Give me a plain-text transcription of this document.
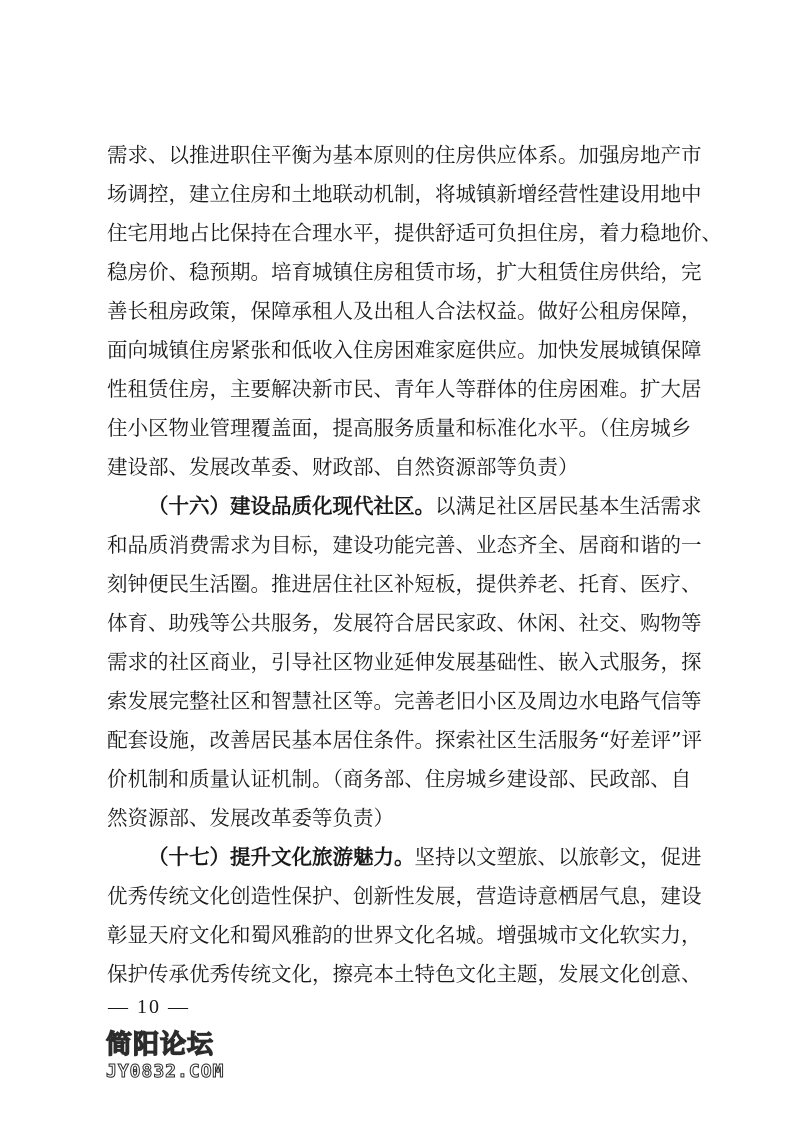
需求、以推进职住平衡为基本原则的住房供应体系。加强房地产市
场调控，建立住房和土地联动机制，将城镇新增经营性建设用地中
住宅用地占比保持在合理水平，提供舒适可负担住房，着力稳地价、
稳房价、稳预期。培育城镇住房租赁市场，扩大租赁住房供给，完
善长租房政策，保障承租人及出租人合法权益。做好公租房保障，
面向城镇住房紧张和低收入住房困难家庭供应。加快发展城镇保障
性租赁住房，主要解决新市民、青年人等群体的住房困难。扩大居
住小区物业管理覆盖面，提高服务质量和标准化水平。（住房城乡
建设部、发展改革委、财政部、自然资源部等负责）
（十六）建设品质化现代社区。以满足社区居民基本生活需求
和品质消费需求为目标，建设功能完善、业态齐全、居商和谐的一
刻钟便民生活圈。推进居住社区补短板，提供养老、托育、医疗、
体育、助残等公共服务，发展符合居民家政、休闲、社交、购物等
需求的社区商业，引导社区物业延伸发展基础性、嵌入式服务，探
索发展完整社区和智慧社区等。完善老旧小区及周边水电路气信等
配套设施，改善居民基本居住条件。探索社区生活服务“好差评”评
价机制和质量认证机制。（商务部、住房城乡建设部、民政部、自
然资源部、发展改革委等负责）
（十七）提升文化旅游魅力。坚持以文塑旅、以旅彰文，促进
优秀传统文化创造性保护、创新性发展，营造诗意栖居气息，建设
彰显天府文化和蜀风雅韵的世界文化名城。增强城市文化软实力，
保护传承优秀传统文化，擦亮本土特色文化主题，发展文化创意、
— 10 —
简阳论坛
JY0832.COM
